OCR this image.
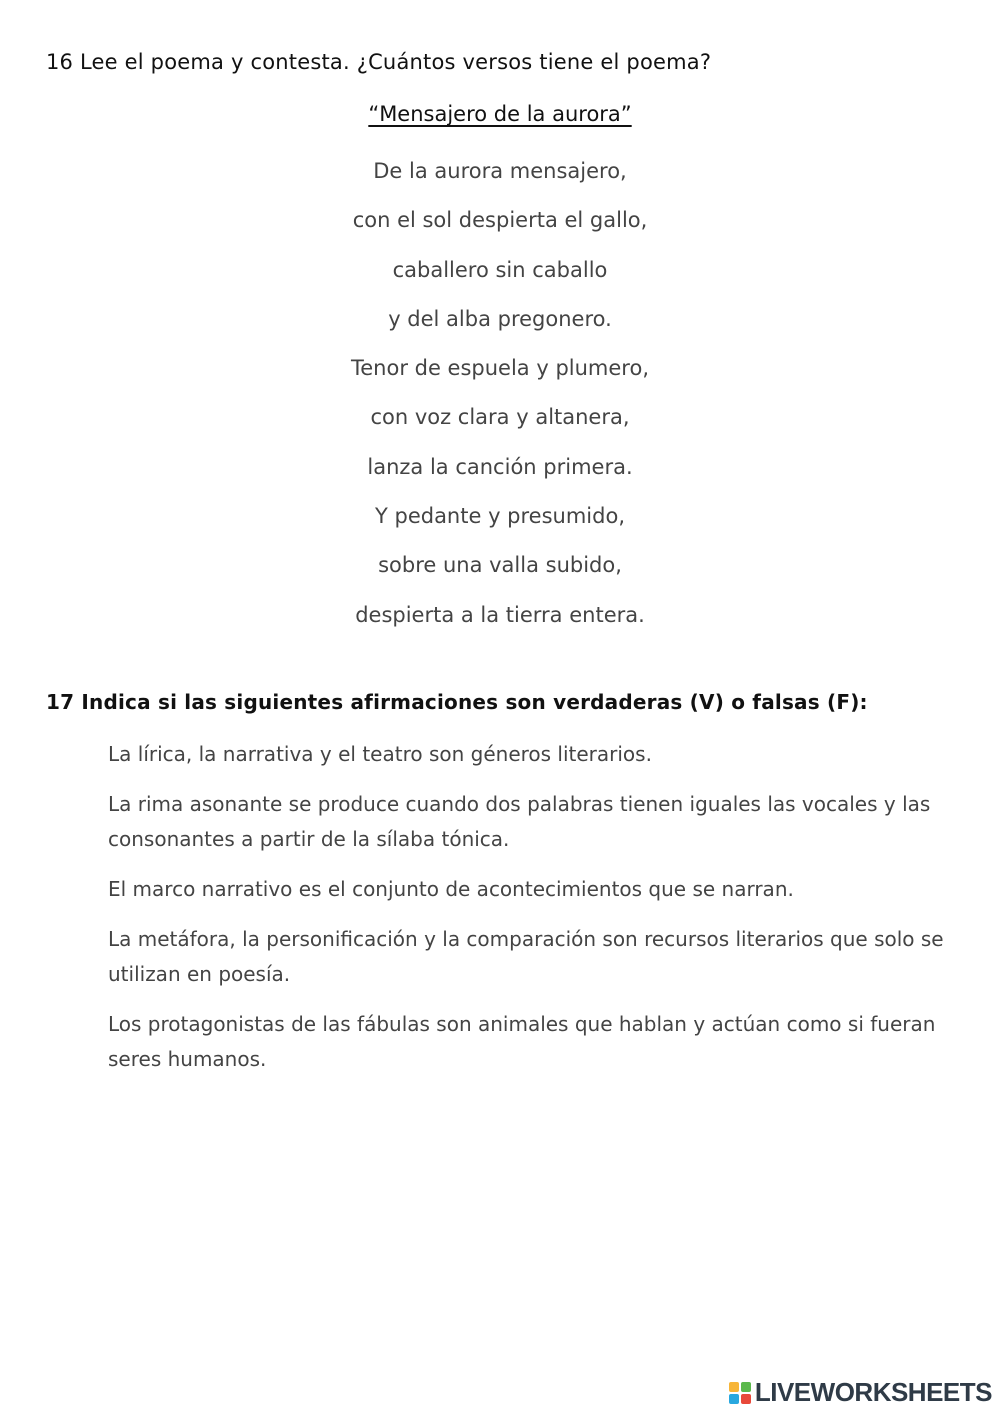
16 Lee el poema y contesta. ¿Cuántos versos tiene el poema?
“Mensajero de la aurora”

De la aurora mensajero,

con el sol despierta el gallo,

caballero sin caballo

y del alba pregonero.

Tenor de espuela y plumero,

con voz clara y altanera,

lanza la canción primera.

Y pedante y presumido,

sobre una valla subido,

despierta a la tierra entera.

17 Indica si las siguientes afirmaciones son verdaderas (V) o falsas (F):
La lírica, la narrativa y el teatro son géneros literarios.
La rima asonante se produce cuando dos palabras tienen iguales las vocales y las consonantes a partir de la sílaba tónica.
El marco narrativo es el conjunto de acontecimientos que se narran.
La metáfora, la personificación y la comparación son recursos literarios que solo se utilizan en poesía.
Los protagonistas de las fábulas son animales que hablan y actúan como si fueran seres humanos.
LIVEWORKSHEETS
